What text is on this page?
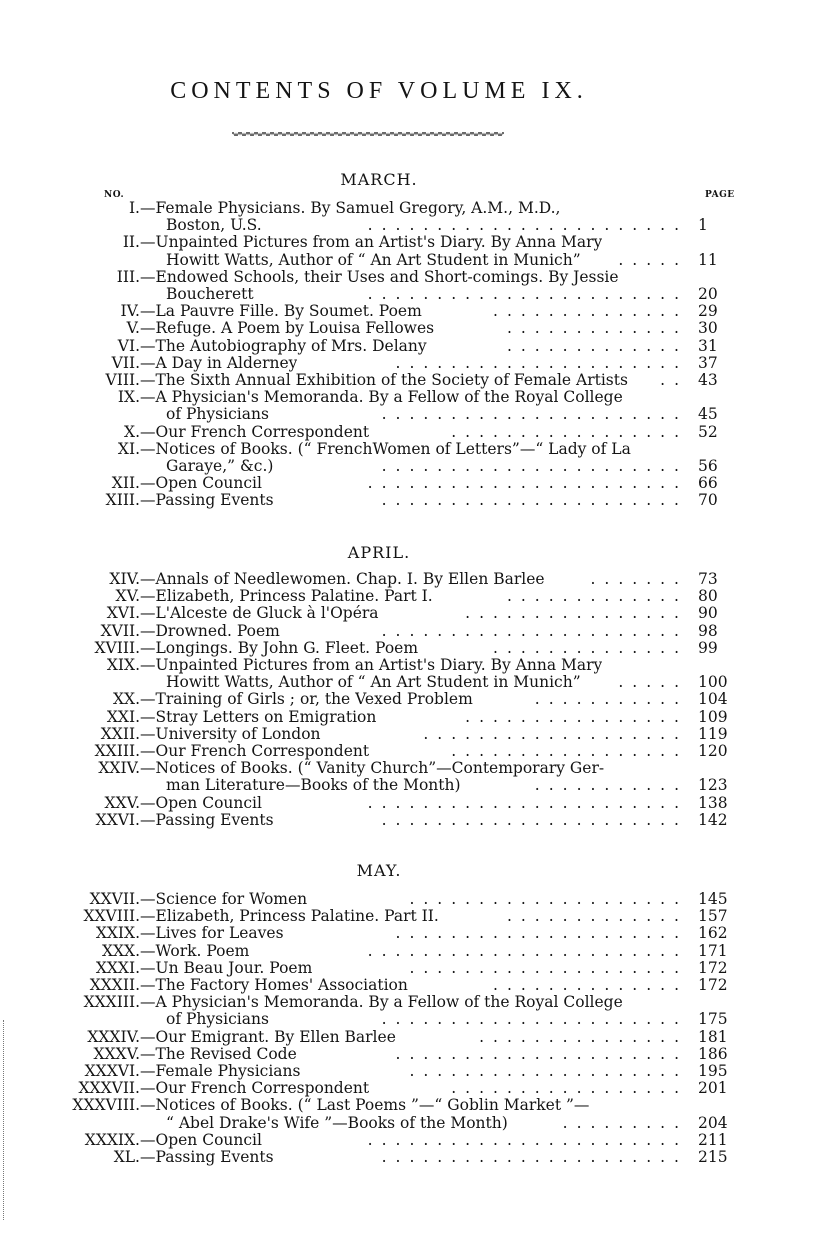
CONTENTS OF VOLUME IX.
MARCH.
NO.	PAGE
I. —Female Physicians. By Samuel Gregory, A.M., M.D.,
Boston, U.S.	1
.......................
II. —Unpainted Pictures from an Artist's Diary. By Anna Mary
Howitt Watts, Author of “ An Art Student in Munich”	11
.....
III. —Endowed Schools, their Uses and Short-comings. By Jessie
Boucherett	20
.......................
IV. —La Pauvre Fille. By Soumet. Poem	29
..............
V. —Refuge. A Poem by Louisa Fellowes	30
.............
VI. —The Autobiography of Mrs. Delany	31
.............
VII. —A Day in Alderney	37
.....................
VIII. —The Sixth Annual Exhibition of the Society of Female Artists	43
..
IX. —A Physician's Memoranda. By a Fellow of the Royal College
of Physicians	45
......................
X. —Our French Correspondent	52
.................
XI. —Notices of Books. (“ FrenchWomen of Letters”—“ Lady of La
Garaye,” &c.)	56
......................
XII. —Open Council	66
.......................
XIII. —Passing Events	70
......................
APRIL.
XIV. —Annals of Needlewomen. Chap. I. By Ellen Barlee	73
.......
XV. —Elizabeth, Princess Palatine. Part I.	80
.............
XVI. —L'Alceste de Gluck à l'Opéra	90
................
XVII. —Drowned. Poem	98
......................
XVIII. —Longings. By John G. Fleet. Poem	99
..............
XIX. —Unpainted Pictures from an Artist's Diary. By Anna Mary
Howitt Watts, Author of “ An Art Student in Munich”	100
.....
XX. —Training of Girls ; or, the Vexed Problem	104
...........
XXI. —Stray Letters on Emigration	109
................
XXII. —University of London	119
...................
XXIII. —Our French Correspondent	120
.................
XXIV. —Notices of Books. (“ Vanity Church”—Contemporary Ger-
man Literature—Books of the Month)	123
...........
XXV. —Open Council	138
.......................
XXVI. —Passing Events	142
......................
MAY.
XXVII. —Science for Women	145
....................
XXVIII. —Elizabeth, Princess Palatine. Part II.	157
.............
XXIX. —Lives for Leaves	162
.....................
XXX. —Work. Poem	171
.......................
XXXI. —Un Beau Jour. Poem	172
....................
XXXII. —The Factory Homes' Association	172
..............
XXXIII. —A Physician's Memoranda. By a Fellow of the Royal College
of Physicians	175
......................
XXXIV. —Our Emigrant. By Ellen Barlee	181
...............
XXXV. —The Revised Code	186
.....................
XXXVI. —Female Physicians	195
....................
XXXVII. —Our French Correspondent	201
.................
XXXVIII. —Notices of Books. (“ Last Poems ”—“ Goblin Market ”—
“ Abel Drake's Wife ”—Books of the Month)	204
.........
XXXIX. —Open Council	211
.......................
XL. —Passing Events	215
......................
